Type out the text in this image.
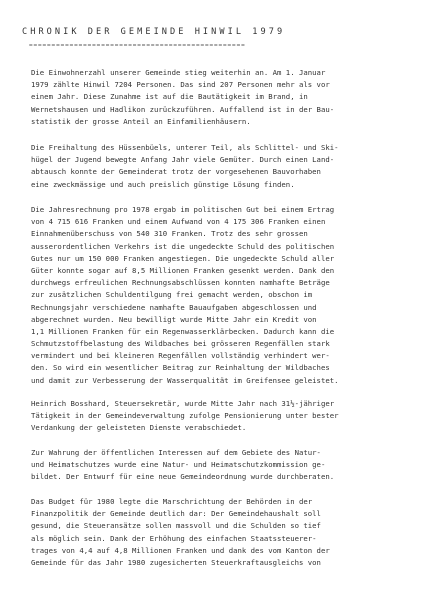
CHRONIK DER GEMEINDE HINWIL 1979
================================================
Die Einwohnerzahl unserer Gemeinde stieg weiterhin an. Am 1. Januar
1979 zählte Hinwil 7204 Personen. Das sind 207 Personen mehr als vor
einem Jahr. Diese Zunahme ist auf die Bautätigkeit im Brand, in
Wernetshausen und Hadlikon zurückzuführen. Auffallend ist in der Bau-
statistik der grosse Anteil an Einfamilienhäusern.
Die Freihaltung des Hüssenbüels, unterer Teil, als Schlittel- und Ski-
hügel der Jugend bewegte Anfang Jahr viele Gemüter. Durch einen Land-
abtausch konnte der Gemeinderat trotz der vorgesehenen Bauvorhaben
eine zweckmässige und auch preislich günstige Lösung finden.
Die Jahresrechnung pro 1978 ergab im politischen Gut bei einem Ertrag
von 4 715 616 Franken und einem Aufwand von 4 175 306 Franken einen
Einnahmenüberschuss von 540 310 Franken. Trotz des sehr grossen
ausserordentlichen Verkehrs ist die ungedeckte Schuld des politischen
Gutes nur um 150 000 Franken angestiegen. Die ungedeckte Schuld aller
Güter konnte sogar auf 8,5 Millionen Franken gesenkt werden. Dank den
durchwegs erfreulichen Rechnungsabschlüssen konnten namhafte Beträge
zur zusätzlichen Schuldentilgung frei gemacht werden, obschon im
Rechnungsjahr verschiedene namhafte Bauaufgaben abgeschlossen und
abgerechnet wurden. Neu bewilligt wurde Mitte Jahr ein Kredit von
1,1 Millionen Franken für ein Regenwasserklärbecken. Dadurch kann die
Schmutzstoffbelastung des Wildbaches bei grösseren Regenfällen stark
vermindert und bei kleineren Regenfällen vollständig verhindert wer-
den. So wird ein wesentlicher Beitrag zur Reinhaltung der Wildbaches
und damit zur Verbesserung der Wasserqualität im Greifensee geleistet.
Heinrich Bosshard, Steuersekretär, wurde Mitte Jahr nach 31½-jähriger
Tätigkeit in der Gemeindeverwaltung zufolge Pensionierung unter bester
Verdankung der geleisteten Dienste verabschiedet.
Zur Wahrung der öffentlichen Interessen auf dem Gebiete des Natur-
und Heimatschutzes wurde eine Natur- und Heimatschutzkommission ge-
bildet. Der Entwurf für eine neue Gemeindeordnung wurde durchberaten.
Das Budget für 1980 legte die Marschrichtung der Behörden in der
Finanzpolitik der Gemeinde deutlich dar: Der Gemeindehaushalt soll
gesund, die Steueransätze sollen massvoll und die Schulden so tief
als möglich sein. Dank der Erhöhung des einfachen Staatssteuerer-
trages von 4,4 auf 4,8 Millionen Franken und dank des vom Kanton der
Gemeinde für das Jahr 1980 zugesicherten Steuerkraftausgleichs von
